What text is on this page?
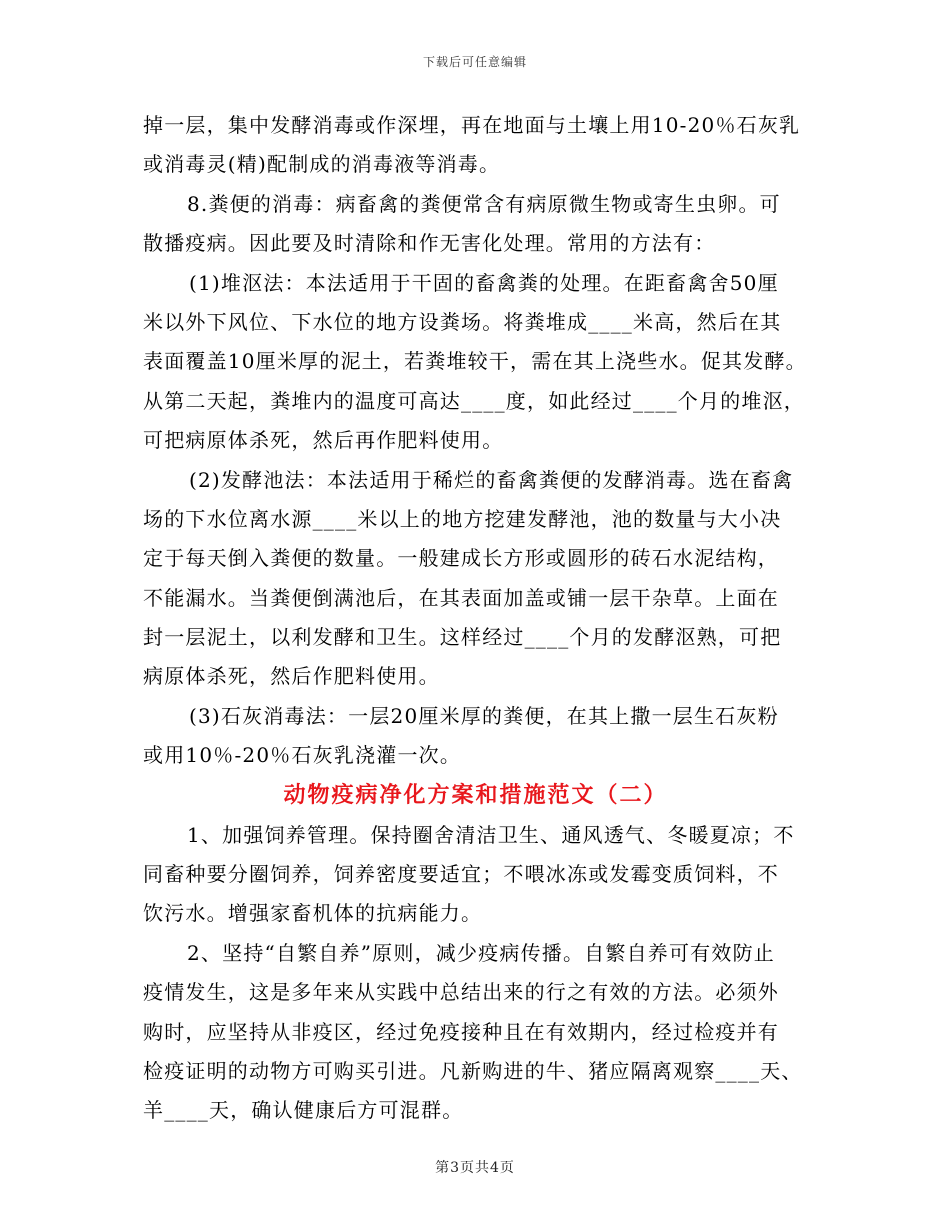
下载后可任意编辑
掉一层，集中发酵消毒或作深埋，再在地面与土壤上用10-20％石灰乳
或消毒灵(精)配制成的消毒液等消毒。
8.粪便的消毒：病畜禽的粪便常含有病原微生物或寄生虫卵。可
散播疫病。因此要及时清除和作无害化处理。常用的方法有：
(1)堆沤法：本法适用于干固的畜禽粪的处理。在距畜禽舍50厘
米以外下风位、下水位的地方设粪场。将粪堆成____米高，然后在其
表面覆盖10厘米厚的泥土，若粪堆较干，需在其上浇些水。促其发酵。
从第二天起，粪堆内的温度可高达____度，如此经过____个月的堆沤，
可把病原体杀死，然后再作肥料使用。
(2)发酵池法：本法适用于稀烂的畜禽粪便的发酵消毒。选在畜禽
场的下水位离水源____米以上的地方挖建发酵池，池的数量与大小决
定于每天倒入粪便的数量。一般建成长方形或圆形的砖石水泥结构，
不能漏水。当粪便倒满池后，在其表面加盖或铺一层干杂草。上面在
封一层泥土，以利发酵和卫生。这样经过____个月的发酵沤熟，可把
病原体杀死，然后作肥料使用。
(3)石灰消毒法：一层20厘米厚的粪便，在其上撒一层生石灰粉
或用10％-20％石灰乳浇灌一次。
动物疫病净化方案和措施范文（二）
1、加强饲养管理。保持圈舍清洁卫生、通风透气、冬暖夏凉；不
同畜种要分圈饲养，饲养密度要适宜；不喂冰冻或发霉变质饲料，不
饮污水。增强家畜机体的抗病能力。
2、坚持“自繁自养”原则，减少疫病传播。自繁自养可有效防止
疫情发生，这是多年来从实践中总结出来的行之有效的方法。必须外
购时，应坚持从非疫区，经过免疫接种且在有效期内，经过检疫并有
检疫证明的动物方可购买引进。凡新购进的牛、猪应隔离观察____天、
羊____天，确认健康后方可混群。
第3页共4页
